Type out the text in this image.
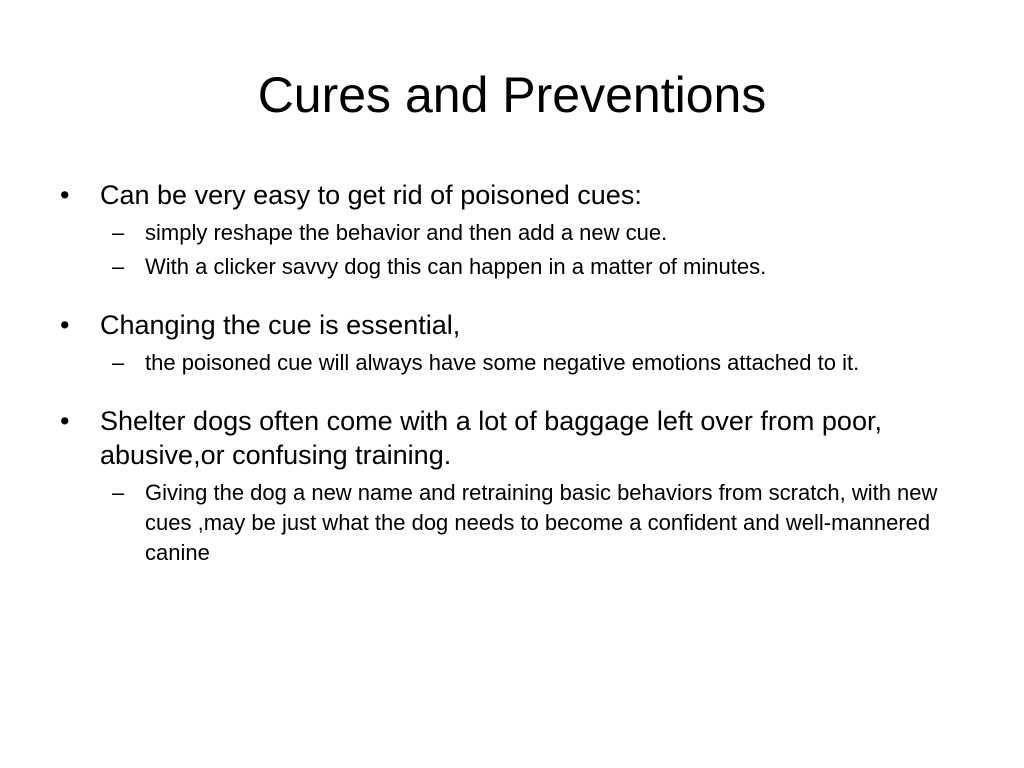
Cures and Preventions
• Can be very easy to get rid of poisoned cues:
– simply reshape the behavior and then add a new cue.
– With a clicker savvy dog this can happen in a matter of minutes.
• Changing the cue is essential,
– the poisoned cue will always have some negative emotions attached to it.
• Shelter dogs often come with a lot of baggage left over from poor, abusive,or confusing training.
– Giving the dog a new name and retraining basic behaviors from scratch, with new cues ,may be just what the dog needs to become a confident and well-mannered canine
